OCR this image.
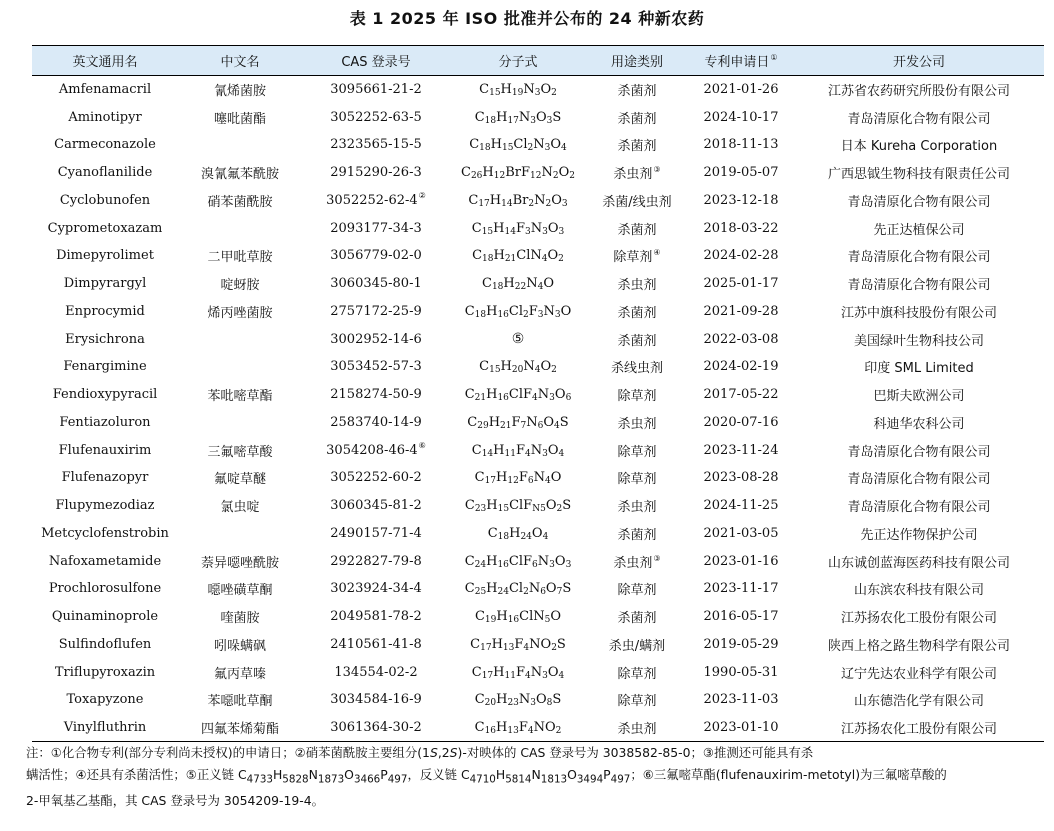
表 1 2025 年 ISO 批准并公布的 24 种新农药
英文通用名	中文名	CAS 登录号	分子式	用途类别	专利申请日①	开发公司
Amfenamacril	氰烯菌胺	3095661-21-2	$C_{15}H_{19}N_3O_2$	杀菌剂	2021-01-26	江苏省农药研究所股份有限公司
Aminotipyr	噻吡菌酯	3052252-63-5	$C_{18}H_{17}N_3O_3S$	杀菌剂	2024-10-17	青岛清原化合物有限公司
Carmeconazole		2323565-15-5	$C_{18}H_{15}Cl_2N_3O_4$	杀菌剂	2018-11-13	日本 Kureha Corporation
Cyanoflanilide	溴氰氟苯酰胺	2915290-26-3	$C_{26}H_{12}BrF_{12}N_2O_2$	杀虫剂③	2019-05-07	广西思钺生物科技有限责任公司
Cyclobunofen	硝苯菌酰胺	3052252-62-4②	$C_{17}H_{14}Br_2N_2O_3$	杀菌/线虫剂	2023-12-18	青岛清原化合物有限公司
Cyprometoxazam		2093177-34-3	$C_{15}H_{14}F_3N_3O_3$	杀菌剂	2018-03-22	先正达植保公司
Dimepyrolimet	二甲吡草胺	3056779-02-0	$C_{18}H_{21}ClN_4O_2$	除草剂④	2024-02-28	青岛清原化合物有限公司
Dimpyrargyl	啶蚜胺	3060345-80-1	$C_{18}H_{22}N_4O$	杀虫剂	2025-01-17	青岛清原化合物有限公司
Enprocymid	烯丙唑菌胺	2757172-25-9	$C_{18}H_{16}Cl_2F_3N_3O$	杀菌剂	2021-09-28	江苏中旗科技股份有限公司
Erysichrona		3002952-14-6	⑤	杀菌剂	2022-03-08	美国绿叶生物科技公司
Fenargimine		3053452-57-3	$C_{15}H_{20}N_4O_2$	杀线虫剂	2024-02-19	印度 SML Limited
Fendioxypyracil	苯吡嘧草酯	2158274-50-9	$C_{21}H_{16}ClF_4N_3O_6$	除草剂	2017-05-22	巴斯夫欧洲公司
Fentiazoluron		2583740-14-9	$C_{29}H_{21}F_7N_6O_4S$	杀虫剂	2020-07-16	科迪华农科公司
Flufenauxirim	三氟嘧草酸	3054208-46-4⑥	$C_{14}H_{11}F_4N_3O_4$	除草剂	2023-11-24	青岛清原化合物有限公司
Flufenazopyr	氟啶草醚	3052252-60-2	$C_{17}H_{12}F_6N_4O$	除草剂	2023-08-28	青岛清原化合物有限公司
Flupymezodiaz	氯虫啶	3060345-81-2	$C_{23}H_{15}ClF_{N5}O_2S$	杀虫剂	2024-11-25	青岛清原化合物有限公司
Metcyclofenstrobin		2490157-71-4	$C_{18}H_{24}O_4$	杀菌剂	2021-03-05	先正达作物保护公司
Nafoxametamide	萘异噁唑酰胺	2922827-79-8	$C_{24}H_{16}ClF_6N_3O_3$	杀虫剂③	2023-01-16	山东诚创蓝海医药科技有限公司
Prochlorosulfone	噁唑磺草酮	3023924-34-4	$C_{25}H_{24}Cl_2N_6O_7S$	除草剂	2023-11-17	山东滨农科技有限公司
Quinaminoprole	喹菌胺	2049581-78-2	$C_{19}H_{16}ClN_5O$	杀菌剂	2016-05-17	江苏扬农化工股份有限公司
Sulfindoflufen	吲哚螨砜	2410561-41-8	$C_{17}H_{13}F_4NO_2S$	杀虫/螨剂	2019-05-29	陕西上格之路生物科学有限公司
Triflupyroxazin	氟丙草嗪	134554-02-2	$C_{17}H_{11}F_4N_3O_4$	除草剂	1990-05-31	辽宁先达农业科学有限公司
Toxapyzone	苯噁吡草酮	3034584-16-9	$C_{20}H_{23}N_3O_8S$	除草剂	2023-11-03	山东德浩化学有限公司
Vinylfluthrin	四氟苯烯菊酯	3061364-30-2	$C_{16}H_{13}F_4NO_2$	杀虫剂	2023-01-10	江苏扬农化工股份有限公司

注：①化合物专利(部分专利尚未授权)的申请日；②硝苯菌酰胺主要组分(1S,2S)-对映体的 CAS 登录号为 3038582-85-0；③推测还可能具有杀

螨活性；④还具有杀菌活性；⑤正义链 $C_{4733}H_{5828}N_{1873}O_{3466}P_{497}$，反义链 $C_{4710}H_{5814}N_{1813}O_{3494}P_{497}$；⑥三氟嘧草酯(flufenauxirim-metotyl)为三氟嘧草酸的

2-甲氧基乙基酯，其 CAS 登录号为 3054209-19-4。
